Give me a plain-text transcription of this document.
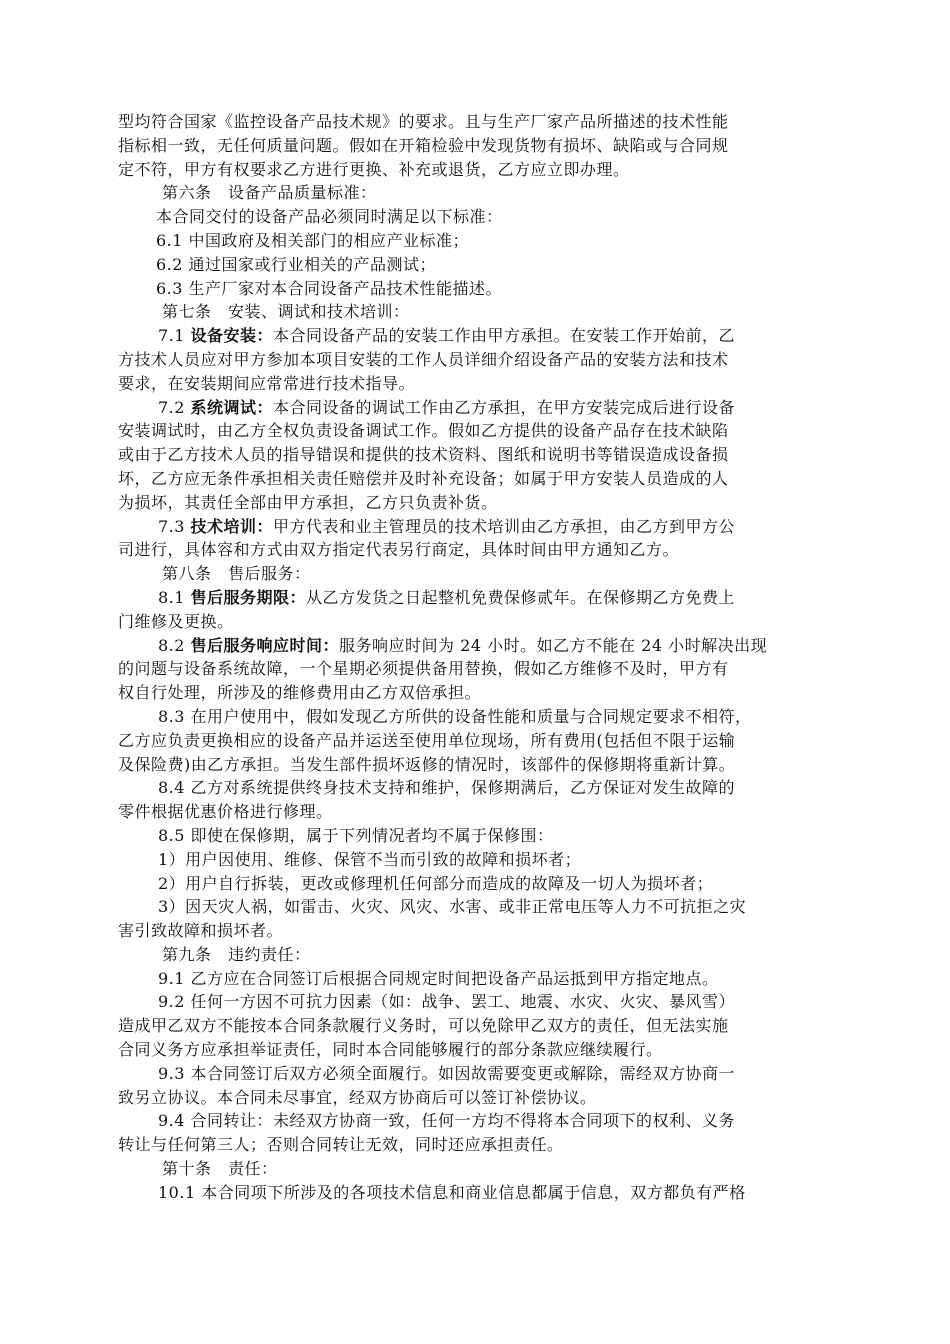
型均符合国家《监控设备产品技术规》的要求。且与生产厂家产品所描述的技术性能
指标相一致，无任何质量问题。假如在开箱检验中发现货物有损坏、缺陷或与合同规
定不符，甲方有权要求乙方进行更换、补充或退货，乙方应立即办理。
第六条　设备产品质量标准：
本合同交付的设备产品必须同时满足以下标准：
6.1 中国政府及相关部门的相应产业标准；
6.2 通过国家或行业相关的产品测试；
6.3 生产厂家对本合同设备产品技术性能描述。
第七条　安装、调试和技术培训：
7.1 设备安装：本合同设备产品的安装工作由甲方承担。在安装工作开始前，乙
方技术人员应对甲方参加本项目安装的工作人员详细介绍设备产品的安装方法和技术
要求，在安装期间应常常进行技术指导。
7.2 系统调试：本合同设备的调试工作由乙方承担，在甲方安装完成后进行设备
安装调试时，由乙方全权负责设备调试工作。假如乙方提供的设备产品存在技术缺陷
或由于乙方技术人员的指导错误和提供的技术资料、图纸和说明书等错误造成设备损
坏，乙方应无条件承担相关责任赔偿并及时补充设备；如属于甲方安装人员造成的人
为损坏，其责任全部由甲方承担，乙方只负责补货。
7.3 技术培训：甲方代表和业主管理员的技术培训由乙方承担，由乙方到甲方公
司进行，具体容和方式由双方指定代表另行商定，具体时间由甲方通知乙方。
第八条　售后服务：
8.1 售后服务期限：从乙方发货之日起整机免费保修贰年。在保修期乙方免费上
门维修及更换。
8.2 售后服务响应时间：服务响应时间为 24 小时。如乙方不能在 24 小时解决出现
的问题与设备系统故障，一个星期必须提供备用替换，假如乙方维修不及时，甲方有
权自行处理，所涉及的维修费用由乙方双倍承担。
8.3 在用户使用中，假如发现乙方所供的设备性能和质量与合同规定要求不相符，
乙方应负责更换相应的设备产品并运送至使用单位现场，所有费用(包括但不限于运输
及保险费)由乙方承担。当发生部件损坏返修的情况时，该部件的保修期将重新计算。
8.4 乙方对系统提供终身技术支持和维护，保修期满后，乙方保证对发生故障的
零件根据优惠价格进行修理。
8.5 即使在保修期，属于下列情况者均不属于保修围：
1）用户因使用、维修、保管不当而引致的故障和损坏者；
2）用户自行拆装，更改或修理机任何部分而造成的故障及一切人为损坏者；
3）因天灾人祸，如雷击、火灾、风灾、水害、或非正常电压等人力不可抗拒之灾
害引致故障和损坏者。
第九条　违约责任：
9.1 乙方应在合同签订后根据合同规定时间把设备产品运抵到甲方指定地点。
9.2 任何一方因不可抗力因素（如：战争、罢工、地震、水灾、火灾、暴风雪）
造成甲乙双方不能按本合同条款履行义务时，可以免除甲乙双方的责任，但无法实施
合同义务方应承担举证责任，同时本合同能够履行的部分条款应继续履行。
9.3 本合同签订后双方必须全面履行。如因故需要变更或解除，需经双方协商一
致另立协议。本合同未尽事宜，经双方协商后可以签订补偿协议。
9.4 合同转让：未经双方协商一致，任何一方均不得将本合同项下的权利、义务
转让与任何第三人；否则合同转让无效，同时还应承担责任。
第十条　责任：
10.1 本合同项下所涉及的各项技术信息和商业信息都属于信息，双方都负有严格
